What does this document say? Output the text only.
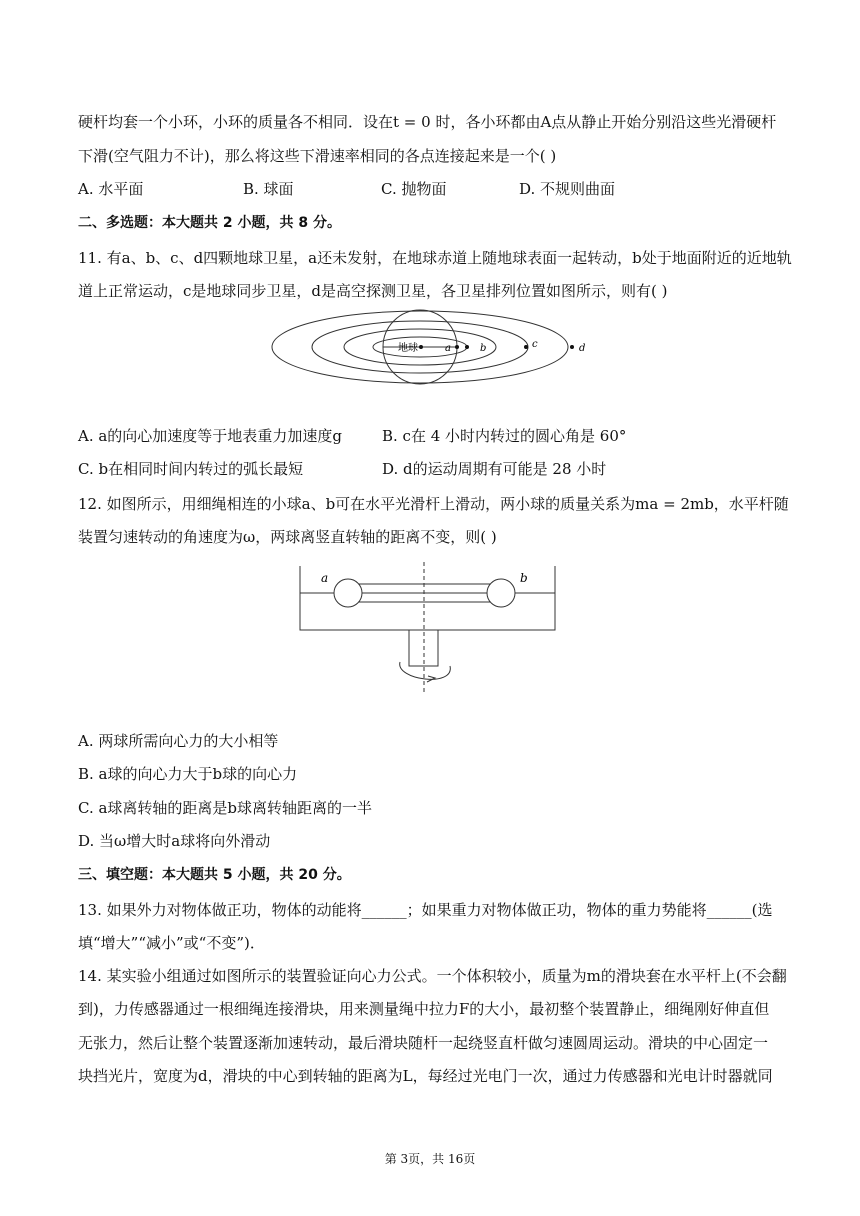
硬杆均套一个小环，小环的质量各不相同．设在t = 0 时，各小环都由A点从静止开始分别沿这些光滑硬杆
下滑(空气阻力不计)，那么将这些下滑速率相同的各点连接起来是一个( )
A. 水平面	B. 球面	C. 抛物面	D. 不规则曲面
二、多选题：本大题共 2 小题，共 8 分。
11. 有a、b、c、d四颗地球卫星，a还未发射，在地球赤道上随地球表面一起转动，b处于地面附近的近地轨
道上正常运动，c是地球同步卫星，d是高空探测卫星，各卫星排列位置如图所示，则有( )
地球	a	b	c	d
A. a的向心加速度等于地表重力加速度g	B. c在 4 小时内转过的圆心角是 60°
C. b在相同时间内转过的弧长最短	D. d的运动周期有可能是 28 小时
12. 如图所示，用细绳相连的小球a、b可在水平光滑杆上滑动，两小球的质量关系为ma = 2mb，水平杆随
装置匀速转动的角速度为ω，两球离竖直转轴的距离不变，则( )
a	b
A. 两球所需向心力的大小相等
B. a球的向心力大于b球的向心力
C. a球离转轴的距离是b球离转轴距离的一半
D. 当ω增大时a球将向外滑动
三、填空题：本大题共 5 小题，共 20 分。
13. 如果外力对物体做正功，物体的动能将______；如果重力对物体做正功，物体的重力势能将______(选
填“增大”“减小”或“不变”)．
14. 某实验小组通过如图所示的装置验证向心力公式。一个体积较小，质量为m的滑块套在水平杆上(不会翻
到)，力传感器通过一根细绳连接滑块，用来测量绳中拉力F的大小，最初整个装置静止，细绳刚好伸直但
无张力，然后让整个装置逐渐加速转动，最后滑块随杆一起绕竖直杆做匀速圆周运动。滑块的中心固定一
块挡光片，宽度为d，滑块的中心到转轴的距离为L，每经过光电门一次，通过力传感器和光电计时器就同
第 3页，共 16页
